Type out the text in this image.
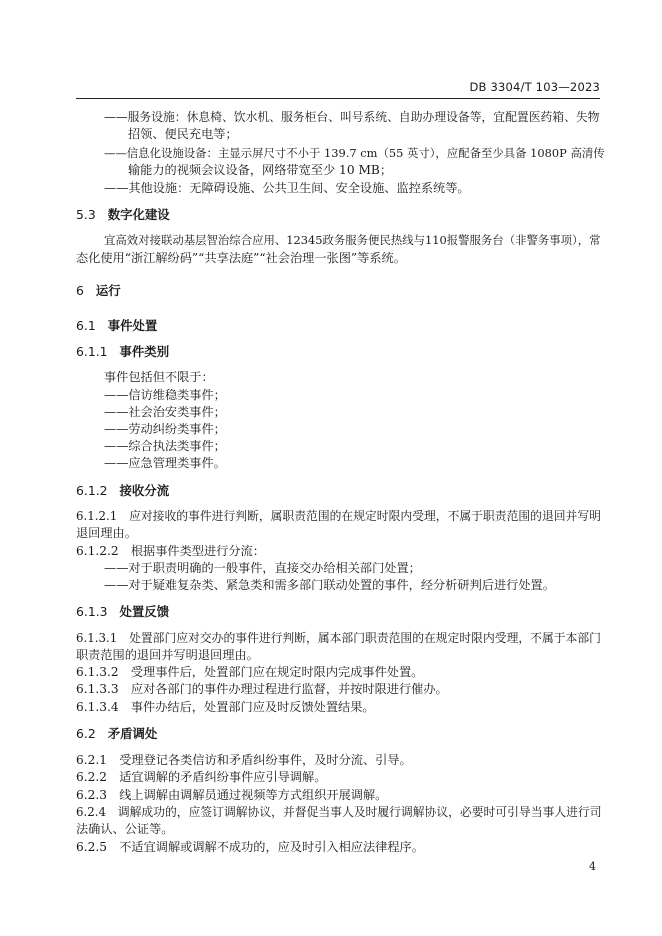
DB 3304/T 103—2023
——服务设施：休息椅、饮水机、服务柜台、叫号系统、自助办理设备等，宜配置医药箱、失物
招领、便民充电等；
——信息化设施设备：主显示屏尺寸不小于 139.7 cm（55 英寸），应配备至少具备 1080P 高清传
输能力的视频会议设备，网络带宽至少 10 MB；
——其他设施：无障碍设施、公共卫生间、安全设施、监控系统等。
5.3 数字化建设
宜高效对接联动基层智治综合应用、12345政务服务便民热线与110报警服务台（非警务事项），常
态化使用“浙江解纷码”“共享法庭”“社会治理一张图”等系统。
6 运行
6.1 事件处置
6.1.1 事件类别
事件包括但不限于：
——信访维稳类事件；
——社会治安类事件；
——劳动纠纷类事件；
——综合执法类事件；
——应急管理类事件。
6.1.2 接收分流
6.1.2.1　应对接收的事件进行判断，属职责范围的在规定时限内受理，不属于职责范围的退回并写明
退回理由。
6.1.2.2　根据事件类型进行分流：
——对于职责明确的一般事件，直接交办给相关部门处置；
——对于疑难复杂类、紧急类和需多部门联动处置的事件，经分析研判后进行处置。
6.1.3 处置反馈
6.1.3.1　处置部门应对交办的事件进行判断，属本部门职责范围的在规定时限内受理，不属于本部门
职责范围的退回并写明退回理由。
6.1.3.2　受理事件后，处置部门应在规定时限内完成事件处置。
6.1.3.3　应对各部门的事件办理过程进行监督，并按时限进行催办。
6.1.3.4　事件办结后，处置部门应及时反馈处置结果。
6.2 矛盾调处
6.2.1　受理登记各类信访和矛盾纠纷事件，及时分流、引导。
6.2.2　适宜调解的矛盾纠纷事件应引导调解。
6.2.3　线上调解由调解员通过视频等方式组织开展调解。
6.2.4　调解成功的，应签订调解协议，并督促当事人及时履行调解协议，必要时可引导当事人进行司
法确认、公证等。
6.2.5　不适宜调解或调解不成功的，应及时引入相应法律程序。
4
